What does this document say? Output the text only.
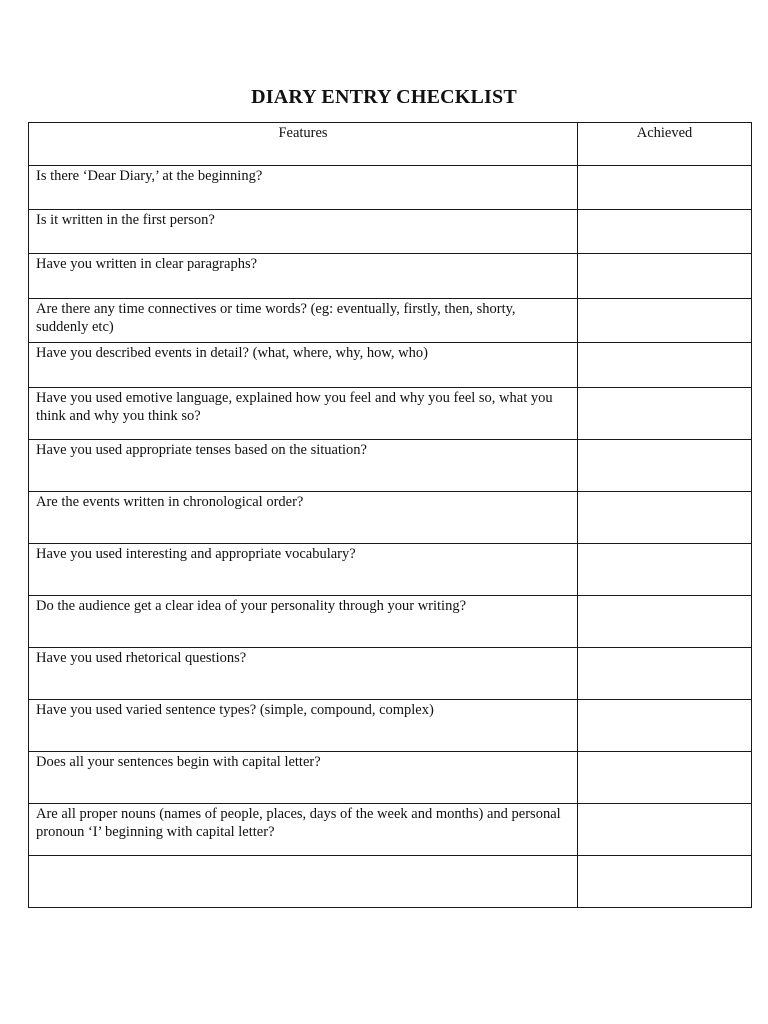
DIARY ENTRY CHECKLIST
Features	Achieved
Is there ‘Dear Diary,’ at the beginning?	
Is it written in the first person?	
Have you written in clear paragraphs?	
Are there any time connectives or time words? (eg: eventually, firstly, then, shorty, suddenly etc)	
Have you described events in detail? (what, where, why, how, who)	
Have you used emotive language, explained how you feel and why you feel so, what you think and why you think so?	
Have you used appropriate tenses based on the situation?	
Are the events written in chronological order?	
Have you used interesting and appropriate vocabulary?	
Do the audience get a clear idea of your personality through your writing?	
Have you used rhetorical questions?	
Have you used varied sentence types? (simple, compound, complex)	
Does all your sentences begin with capital letter?	
Are all proper nouns (names of people, places, days of the week and months) and personal pronoun ‘I’ beginning with capital letter?	
